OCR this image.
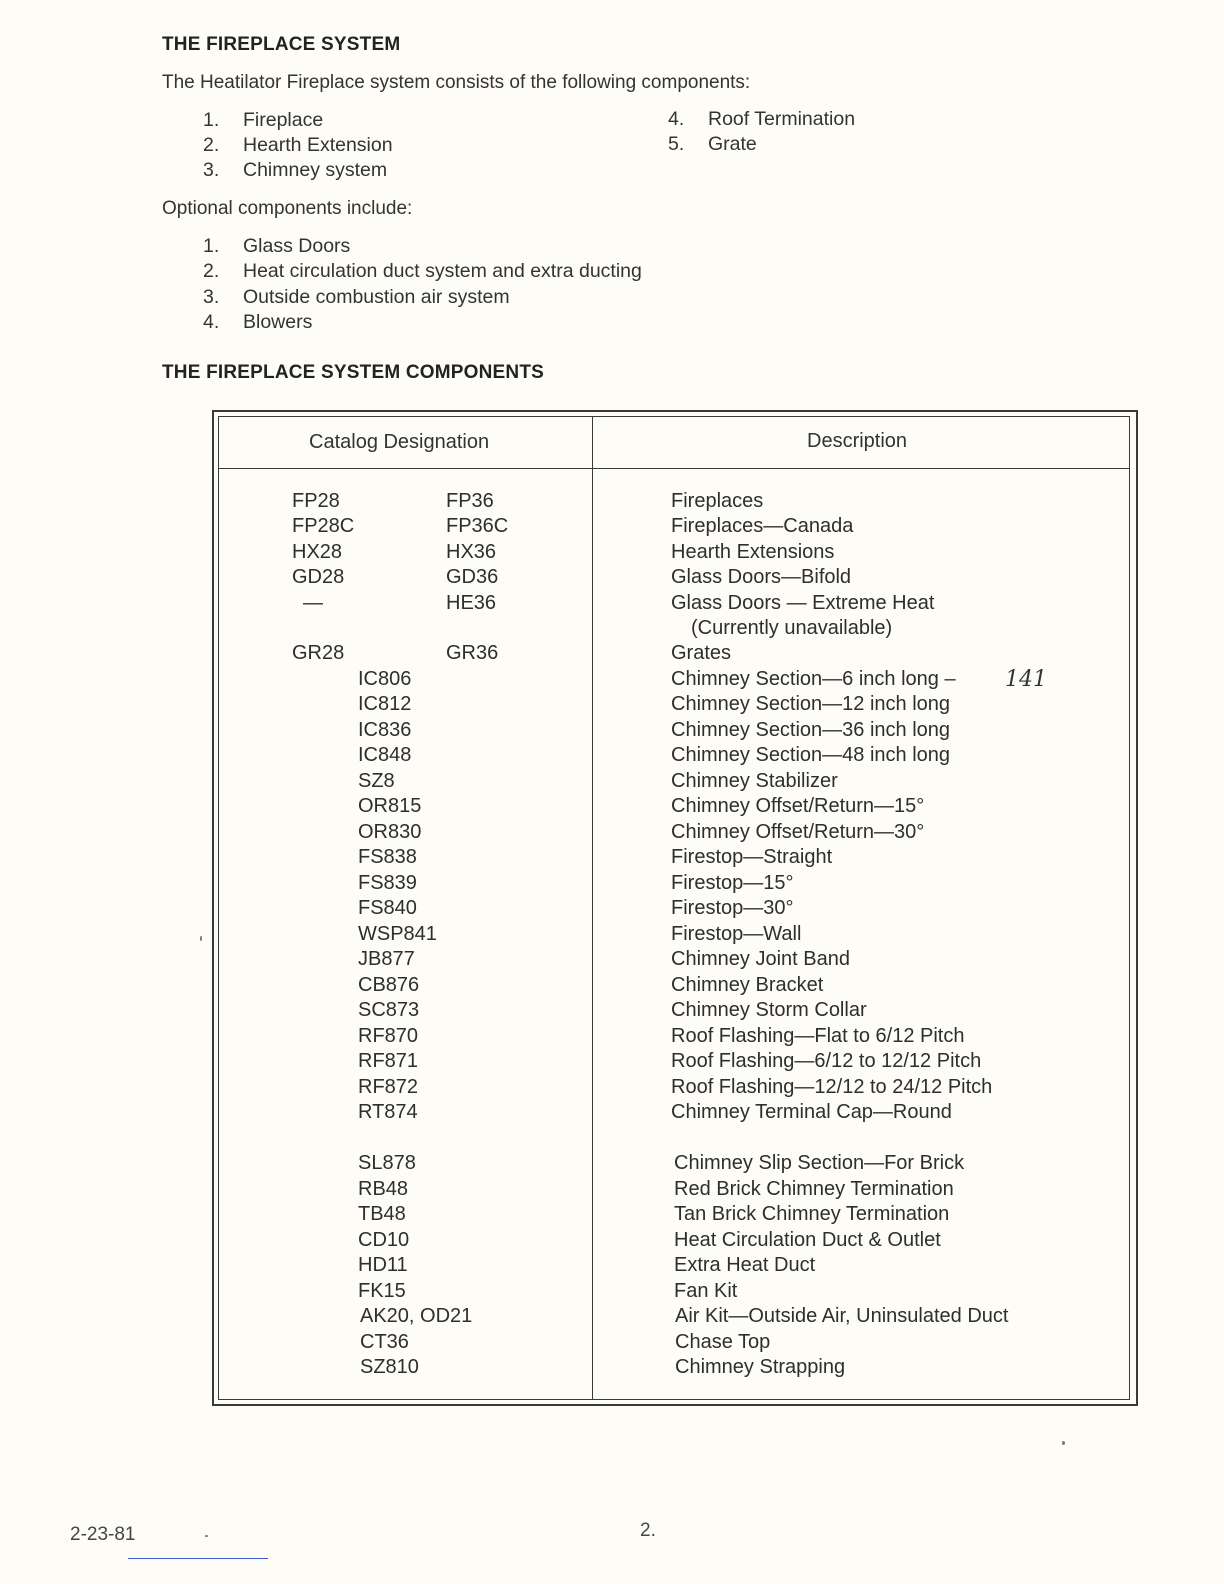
THE FIREPLACE SYSTEM
The Heatilator Fireplace system consists of the following components:
1. Fireplace
2. Hearth Extension
3. Chimney system
4. Roof Termination
5. Grate
Optional components include:
1. Glass Doors
2. Heat circulation duct system and extra ducting
3. Outside combustion air system
4. Blowers
THE FIREPLACE SYSTEM COMPONENTS
Catalog Designation	Description
FP28	FP36	Fireplaces
FP28C	FP36C	Fireplaces—Canada
HX28	HX36	Hearth Extensions
GD28	GD36	Glass Doors—Bifold
—	HE36	Glass Doors — Extreme Heat
(Currently unavailable)
GR28	GR36	Grates
IC806	Chimney Section—6 inch long –
IC812	Chimney Section—12 inch long
IC836	Chimney Section—36 inch long
IC848	Chimney Section—48 inch long
SZ8	Chimney Stabilizer
OR815	Chimney Offset/Return—15°
OR830	Chimney Offset/Return—30°
FS838	Firestop—Straight
FS839	Firestop—15°
FS840	Firestop—30°
WSP841	Firestop—Wall
JB877	Chimney Joint Band
CB876	Chimney Bracket
SC873	Chimney Storm Collar
RF870	Roof Flashing—Flat to 6/12 Pitch
RF871	Roof Flashing—6/12 to 12/12 Pitch
RF872	Roof Flashing—12/12 to 24/12 Pitch
RT874	Chimney Terminal Cap—Round
SL878	Chimney Slip Section—For Brick
RB48	Red Brick Chimney Termination
TB48	Tan Brick Chimney Termination
CD10	Heat Circulation Duct & Outlet
HD11	Extra Heat Duct
FK15	Fan Kit
AK20, OD21	Air Kit—Outside Air, Uninsulated Duct
CT36	Chase Top
SZ810	Chimney Strapping
141
2-23-81	2.
